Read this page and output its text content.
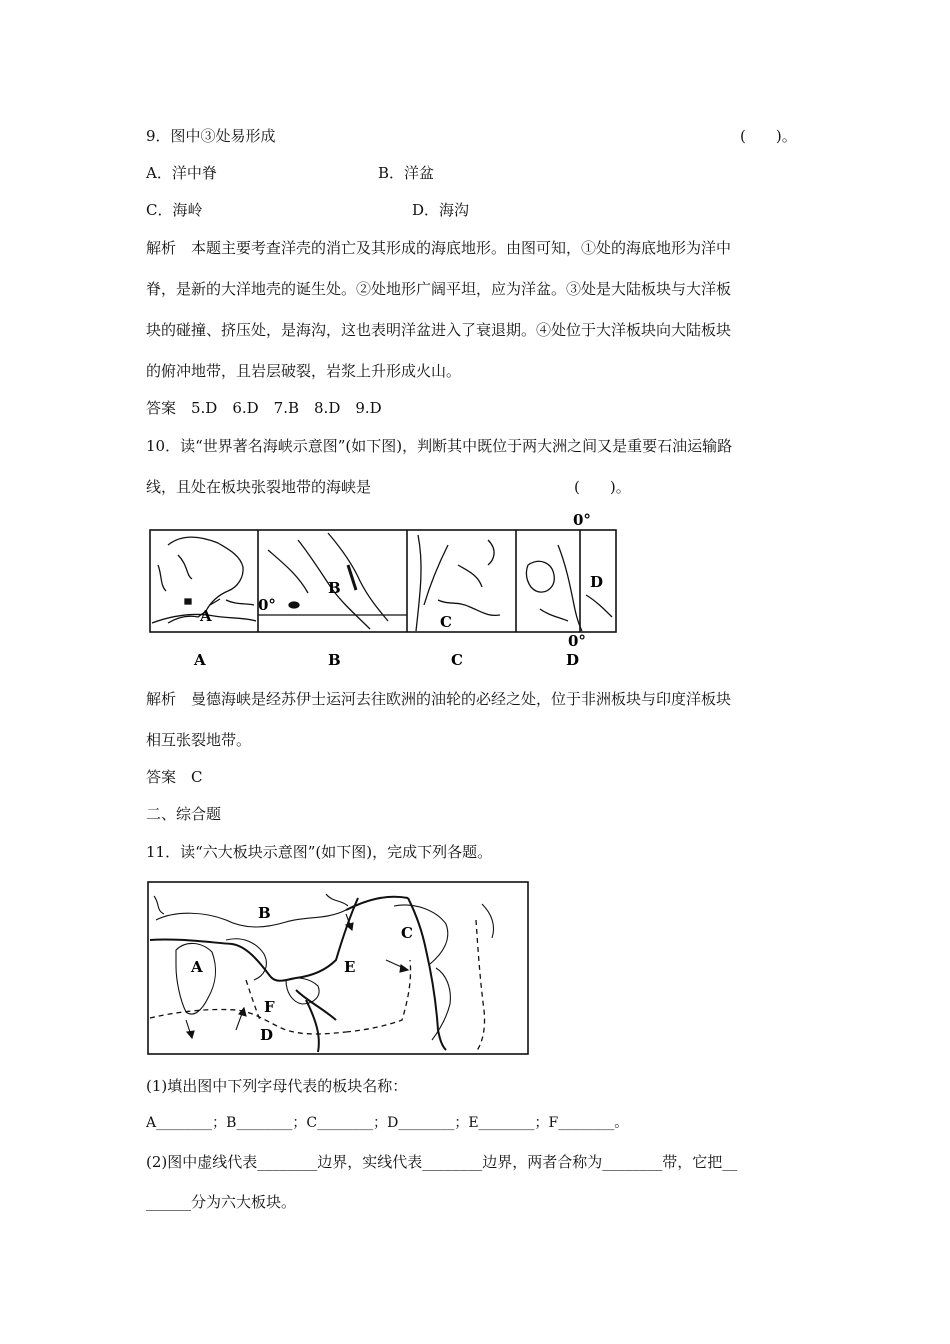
9．图中③处易形成	(　　)。
A．洋中脊	B．洋盆
C．海岭	D．海沟
解析　本题主要考查洋壳的消亡及其形成的海底地形。由图可知，①处的海底地形为洋中
脊，是新的大洋地壳的诞生处。②处地形广阔平坦，应为洋盆。③处是大陆板块与大洋板
块的碰撞、挤压处，是海沟，这也表明洋盆进入了衰退期。④处位于大洋板块向大陆板块
的俯冲地带，且岩层破裂，岩浆上升形成火山。
答案　5.D　6.D　7.B　8.D　9.D
10．读“世界著名海峡示意图”(如下图)，判断其中既位于两大洲之间又是重要石油运输路
线，且处在板块张裂地带的海峡是	(　　)。
0°
0°
0°
A
B
C
D
A	B	C	D
解析　曼德海峡是经苏伊士运河去往欧洲的油轮的必经之处，位于非洲板块与印度洋板块
相互张裂地带。
答案　C
二、综合题
11．读“六大板块示意图”(如下图)，完成下列各题。
B
C
A	E
F
D
(1)填出图中下列字母代表的板块名称：
A________；B________；C________；D________；E________；F________。
(2)图中虚线代表________边界，实线代表________边界，两者合称为________带，它把__
______分为六大板块。
